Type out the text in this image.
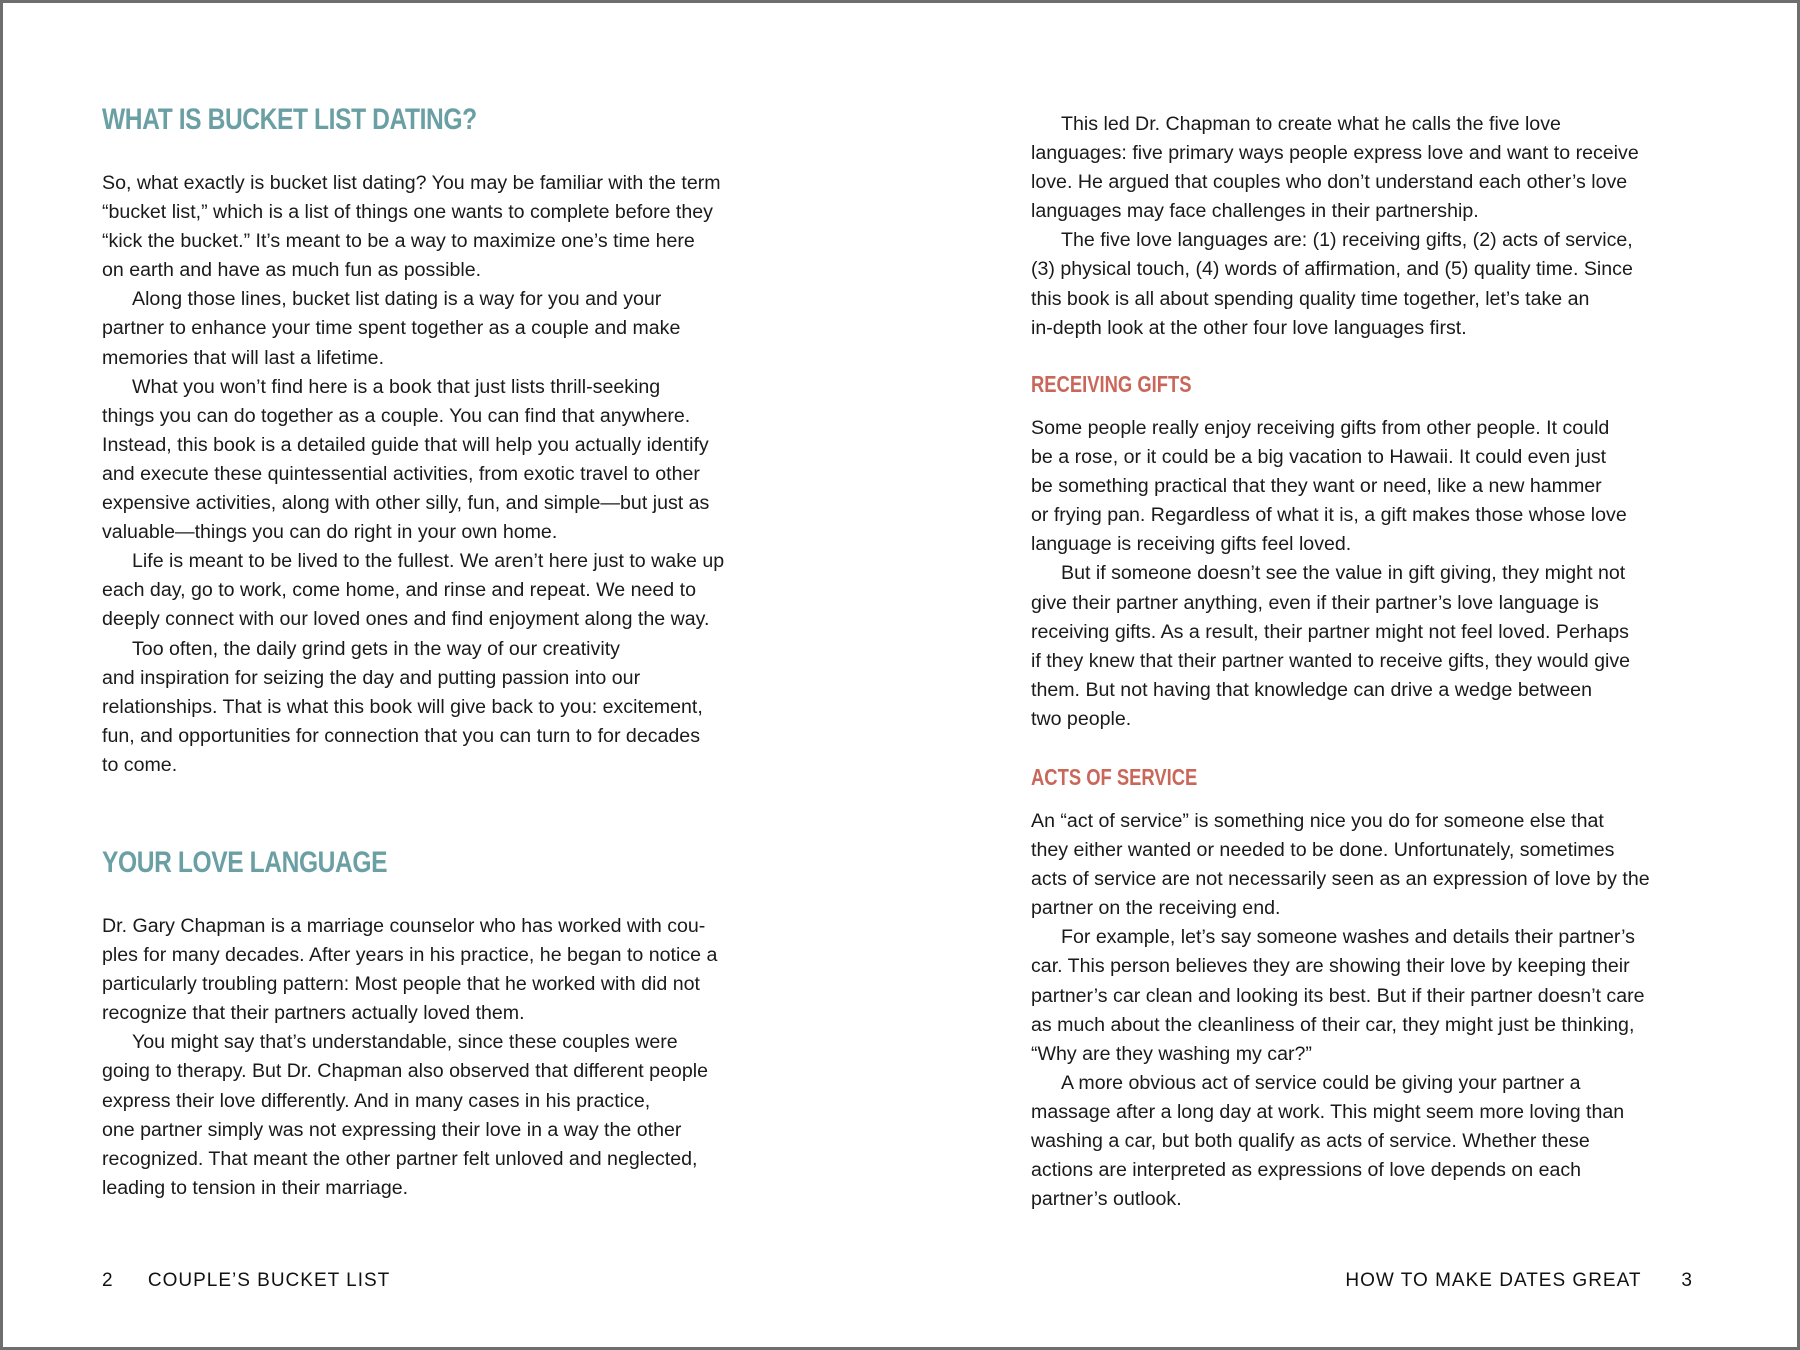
WHAT IS BUCKET LIST DATING?
So, what exactly is bucket list dating? You may be familiar with the term
“bucket list,” which is a list of things one wants to complete before they
“kick the bucket.” It’s meant to be a way to maximize one’s time here
on earth and have as much fun as possible.
Along those lines, bucket list dating is a way for you and your
partner to enhance your time spent together as a couple and make
memories that will last a lifetime.
What you won’t find here is a book that just lists thrill-seeking
things you can do together as a couple. You can find that anywhere.
Instead, this book is a detailed guide that will help you actually identify
and execute these quintessential activities, from exotic travel to other
expensive activities, along with other silly, fun, and simple—but just as
valuable—things you can do right in your own home.
Life is meant to be lived to the fullest. We aren’t here just to wake up
each day, go to work, come home, and rinse and repeat. We need to
deeply connect with our loved ones and find enjoyment along the way.
Too often, the daily grind gets in the way of our creativity
and inspiration for seizing the day and putting passion into our
relationships. That is what this book will give back to you: excitement,
fun, and opportunities for connection that you can turn to for decades
to come.
YOUR LOVE LANGUAGE
Dr. Gary Chapman is a marriage counselor who has worked with cou-
ples for many decades. After years in his practice, he began to notice a
particularly troubling pattern: Most people that he worked with did not
recognize that their partners actually loved them.
You might say that’s understandable, since these couples were
going to therapy. But Dr. Chapman also observed that different people
express their love differently. And in many cases in his practice,
one partner simply was not expressing their love in a way the other
recognized. That meant the other partner felt unloved and neglected,
leading to tension in their marriage.
This led Dr. Chapman to create what he calls the five love
languages: five primary ways people express love and want to receive
love. He argued that couples who don’t understand each other’s love
languages may face challenges in their partnership.
The five love languages are: (1) receiving gifts, (2) acts of service,
(3) physical touch, (4) words of affirmation, and (5) quality time. Since
this book is all about spending quality time together, let’s take an
in-depth look at the other four love languages first.
RECEIVING GIFTS
Some people really enjoy receiving gifts from other people. It could
be a rose, or it could be a big vacation to Hawaii. It could even just
be something practical that they want or need, like a new hammer
or frying pan. Regardless of what it is, a gift makes those whose love
language is receiving gifts feel loved.
But if someone doesn’t see the value in gift giving, they might not
give their partner anything, even if their partner’s love language is
receiving gifts. As a result, their partner might not feel loved. Perhaps
if they knew that their partner wanted to receive gifts, they would give
them. But not having that knowledge can drive a wedge between
two people.
ACTS OF SERVICE
An “act of service” is something nice you do for someone else that
they either wanted or needed to be done. Unfortunately, sometimes
acts of service are not necessarily seen as an expression of love by the
partner on the receiving end.
For example, let’s say someone washes and details their partner’s
car. This person believes they are showing their love by keeping their
partner’s car clean and looking its best. But if their partner doesn’t care
as much about the cleanliness of their car, they might just be thinking,
“Why are they washing my car?”
A more obvious act of service could be giving your partner a
massage after a long day at work. This might seem more loving than
washing a car, but both qualify as acts of service. Whether these
actions are interpreted as expressions of love depends on each
partner’s outlook.
2 COUPLE’S BUCKET LIST	HOW TO MAKE DATES GREAT 3
